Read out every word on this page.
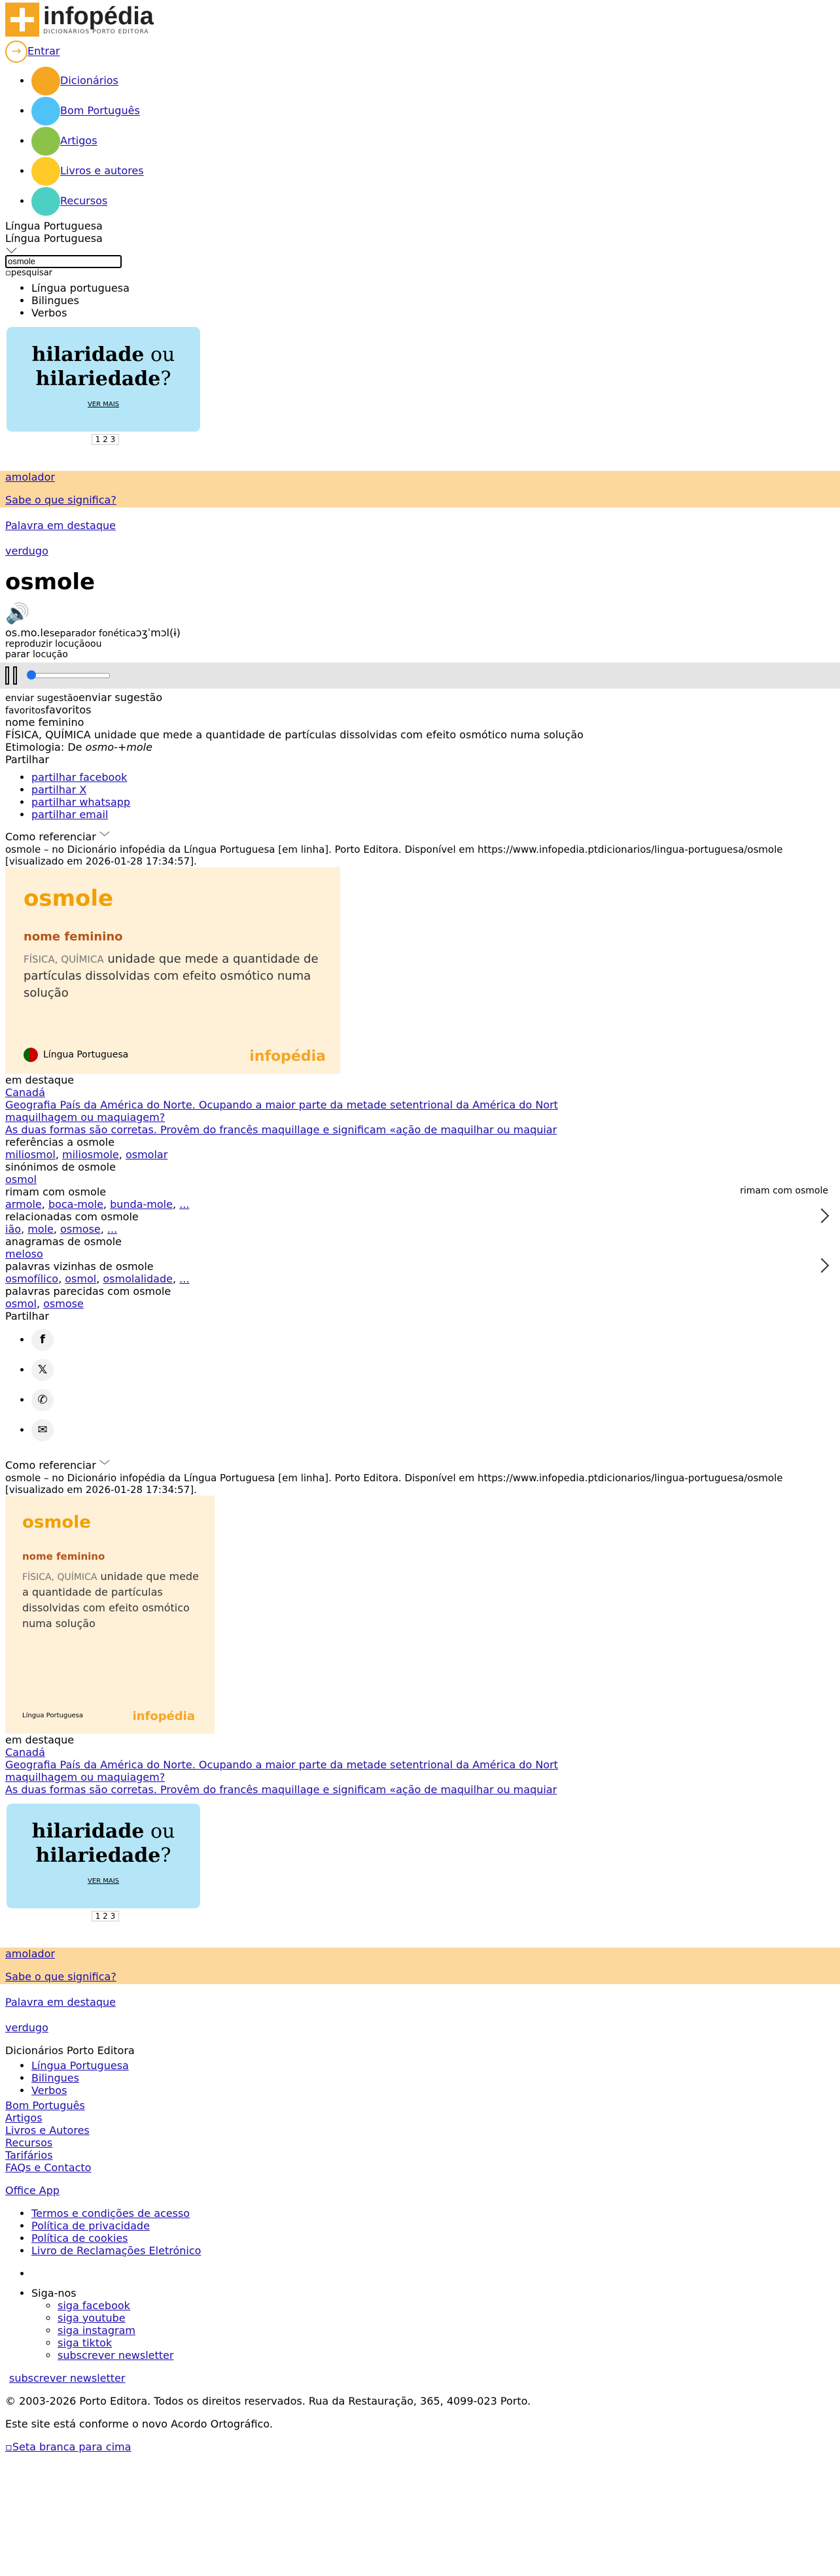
infopédia
DICIONÁRIOS PORTO EDITORA
→ Entrar
• Dicionários
• Bom Português
• Artigos
• Livros e autores
• Recursos
Língua Portuguesa
Língua Portuguesa
osmole
▫pesquisar
• Língua portuguesa
• Bilingues
• Verbos
hilaridade ou
hilariedade?
VER MAIS
1 2 3
amolador
Sabe o que significa?
Palavra em destaque
verdugo
osmole
🔊
os.mo.leseparador fonéticaɔʒˈmɔl(ɨ)
reproduzir locuçãoou
parar locução
enviar sugestãoenviar sugestão
favoritosfavoritos
nome feminino
FÍSICA, QUÍMICA unidade que mede a quantidade de partículas dissolvidas com efeito osmótico numa solução
Etimologia: De osmo-+mole
Partilhar
• partilhar facebook
• partilhar X
• partilhar whatsapp
• partilhar email
Como referenciar ﹀
osmole – no Dicionário infopédia da Língua Portuguesa [em linha]. Porto Editora. Disponível em https://www.infopedia.ptdicionarios/lingua-portuguesa/osmole [visualizado em 2026-01-28 17:34:57].
osmole
nome feminino
FÍSICA, QUÍMICA unidade que mede a quantidade de partículas dissolvidas com efeito osmótico numa solução
Língua Portuguesa	infopédia
em destaque
Canadá
Geografia País da América do Norte. Ocupando a maior parte da metade setentrional da América do Nort
maquilhagem ou maquiagem?
As duas formas são corretas. Provêm do francês maquillage e significam «ação de maquilhar ou maquiar
referências a osmole
miliosmol, miliosmole, osmolar
sinónimos de osmole
osmol
rimam com osmole	rimam com osmole
armole, boca-mole, bunda-mole, ...
relacionadas com osmole
ião, mole, osmose, ...
anagramas de osmole
meloso
palavras vizinhas de osmole
osmofílico, osmol, osmolalidade, ...
palavras parecidas com osmole
osmol, osmose
Partilhar
• f
• 𝕏
• ✆
• ✉
Como referenciar ﹀
osmole – no Dicionário infopédia da Língua Portuguesa [em linha]. Porto Editora. Disponível em https://www.infopedia.ptdicionarios/lingua-portuguesa/osmole [visualizado em 2026-01-28 17:34:57].
osmole
nome feminino
FÍSICA, QUÍMICA unidade que mede a quantidade de partículas dissolvidas com efeito osmótico numa solução
Língua Portuguesa	infopédia
em destaque
Canadá
Geografia País da América do Norte. Ocupando a maior parte da metade setentrional da América do Nort
maquilhagem ou maquiagem?
As duas formas são corretas. Provêm do francês maquillage e significam «ação de maquilhar ou maquiar
hilaridade ou
hilariedade?
VER MAIS
1 2 3
amolador
Sabe o que significa?
Palavra em destaque
verdugo
Dicionários Porto Editora
• Língua Portuguesa
• Bilingues
• Verbos
Bom Português
Artigos
Livros e Autores
Recursos
Tarifários
FAQs e Contacto
Office App
• Termos e condições de acesso
• Política de privacidade
• Política de cookies
• Livro de Reclamações Eletrónico
•
• Siga-nos
◦ siga facebook
◦ siga youtube
◦ siga instagram
◦ siga tiktok
◦ subscrever newsletter
subscrever newsletter

© 2003-2026 Porto Editora. Todos os direitos reservados. Rua da Restauração, 365, 4099-023 Porto.

Este site está conforme o novo Acordo Ortográfico.

▫Seta branca para cima
